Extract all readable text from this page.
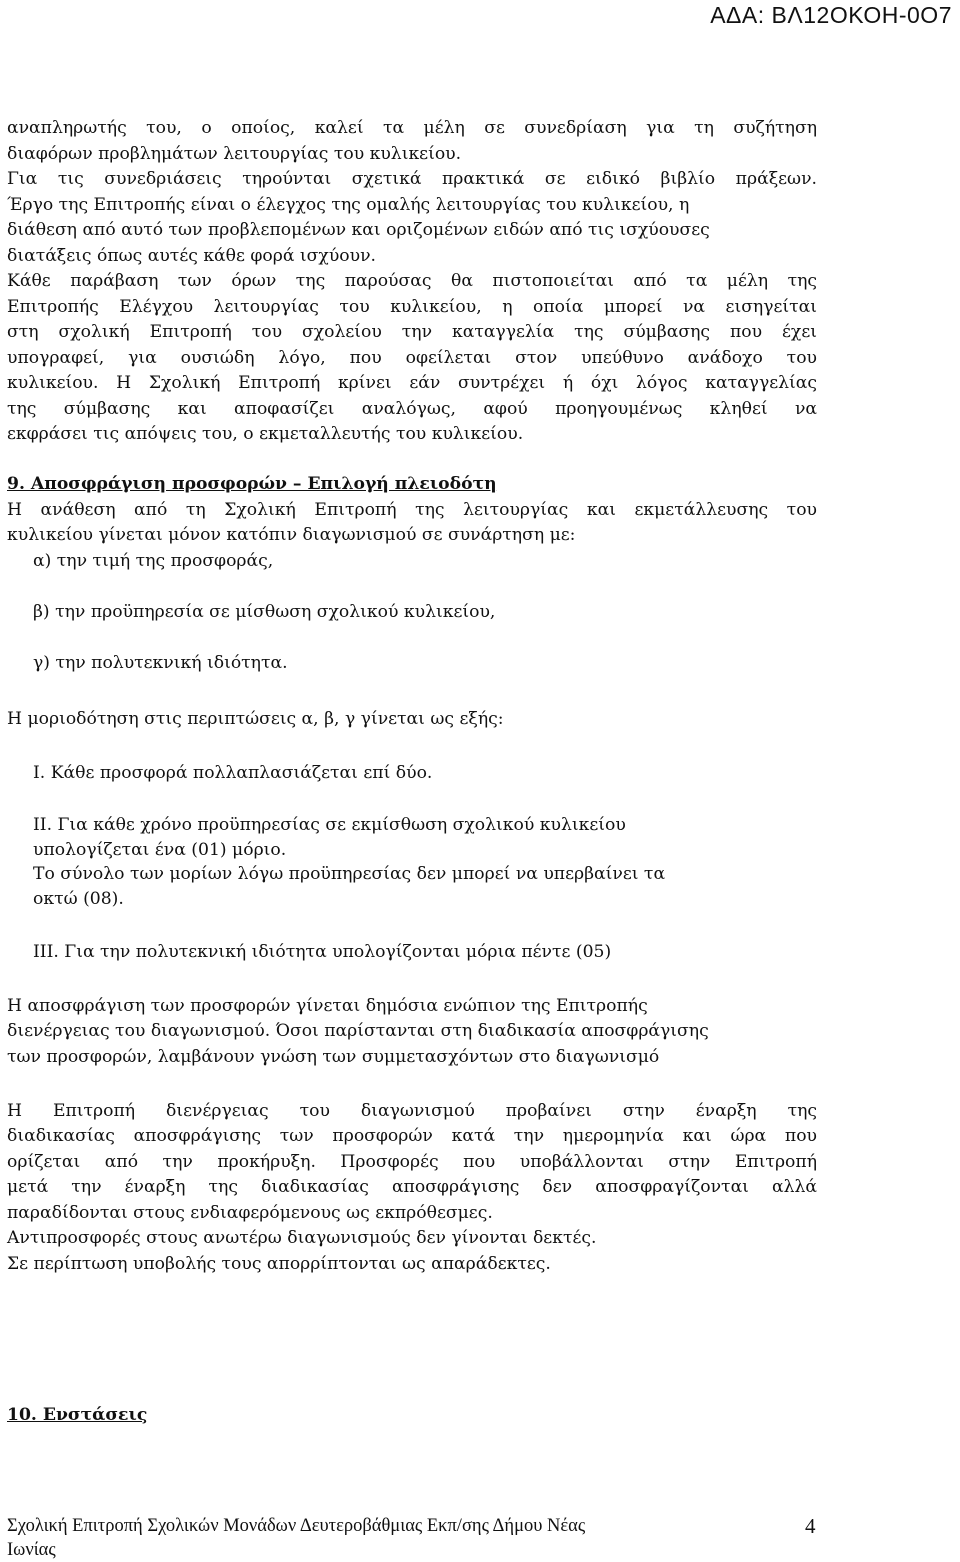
ΑΔΑ: ΒΛ12ΟΚΟΗ-0Ο7
αναπληρωτής του, ο οποίος, καλεί τα μέλη σε συνεδρίαση για τη συζήτηση
διαφόρων προβλημάτων λειτουργίας του κυλικείου.
Για τις συνεδριάσεις τηρούνται σχετικά πρακτικά σε ειδικό βιβλίο πράξεων.
Έργο της Επιτροπής είναι ο έλεγχος της ομαλής λειτουργίας του κυλικείου, η
διάθεση από αυτό των προβλεπομένων και οριζομένων ειδών από τις ισχύουσες
διατάξεις όπως αυτές κάθε φορά ισχύουν.
Κάθε παράβαση των όρων της παρούσας θα πιστοποιείται από τα μέλη της
Επιτροπής Ελέγχου λειτουργίας του κυλικείου, η οποία μπορεί να εισηγείται
στη σχολική Επιτροπή του σχολείου την καταγγελία της σύμβασης που έχει
υπογραφεί, για ουσιώδη λόγο, που οφείλεται στον υπεύθυνο ανάδοχο του
κυλικείου. Η Σχολική Επιτροπή κρίνει εάν συντρέχει ή όχι λόγος καταγγελίας
της σύμβασης και αποφασίζει αναλόγως, αφού προηγουμένως κληθεί να
εκφράσει τις απόψεις του, ο εκμεταλλευτής του κυλικείου.
9. Αποσφράγιση προσφορών – Επιλογή πλειοδότη
Η ανάθεση από τη Σχολική Επιτροπή της λειτουργίας και εκμετάλλευσης του
κυλικείου γίνεται μόνον κατόπιν διαγωνισμού σε συνάρτηση με:
α) την τιμή της προσφοράς,
β) την προϋπηρεσία σε μίσθωση σχολικού κυλικείου,
γ) την πολυτεκνική ιδιότητα.
Η μοριοδότηση στις περιπτώσεις α, β, γ γίνεται ως εξής:
Ι. Κάθε προσφορά πολλαπλασιάζεται επί δύο.
ΙΙ. Για κάθε χρόνο προϋπηρεσίας σε εκμίσθωση σχολικού κυλικείου
υπολογίζεται ένα (01) μόριο.
Το σύνολο των μορίων λόγω προϋπηρεσίας δεν μπορεί να υπερβαίνει τα
οκτώ (08).
ΙΙΙ. Για την πολυτεκνική ιδιότητα υπολογίζονται μόρια πέντε (05)
Η αποσφράγιση των προσφορών γίνεται δημόσια ενώπιον της Επιτροπής
διενέργειας του διαγωνισμού. Όσοι παρίστανται στη διαδικασία αποσφράγισης
των προσφορών, λαμβάνουν γνώση των συμμετασχόντων στο διαγωνισμό
Η Επιτροπή διενέργειας του διαγωνισμού προβαίνει στην έναρξη της
διαδικασίας αποσφράγισης των προσφορών κατά την ημερομηνία και ώρα που
ορίζεται από την προκήρυξη. Προσφορές που υποβάλλονται στην Επιτροπή
μετά την έναρξη της διαδικασίας αποσφράγισης δεν αποσφραγίζονται αλλά
παραδίδονται στους ενδιαφερόμενους ως εκπρόθεσμες.
Αντιπροσφορές στους ανωτέρω διαγωνισμούς δεν γίνονται δεκτές.
Σε περίπτωση υποβολής τους απορρίπτονται ως απαράδεκτες.
10. Ενστάσεις
Σχολική Επιτροπή Σχολικών Μονάδων Δευτεροβάθμιας Εκπ/σης Δήμου Νέας
Ιωνίας
4
